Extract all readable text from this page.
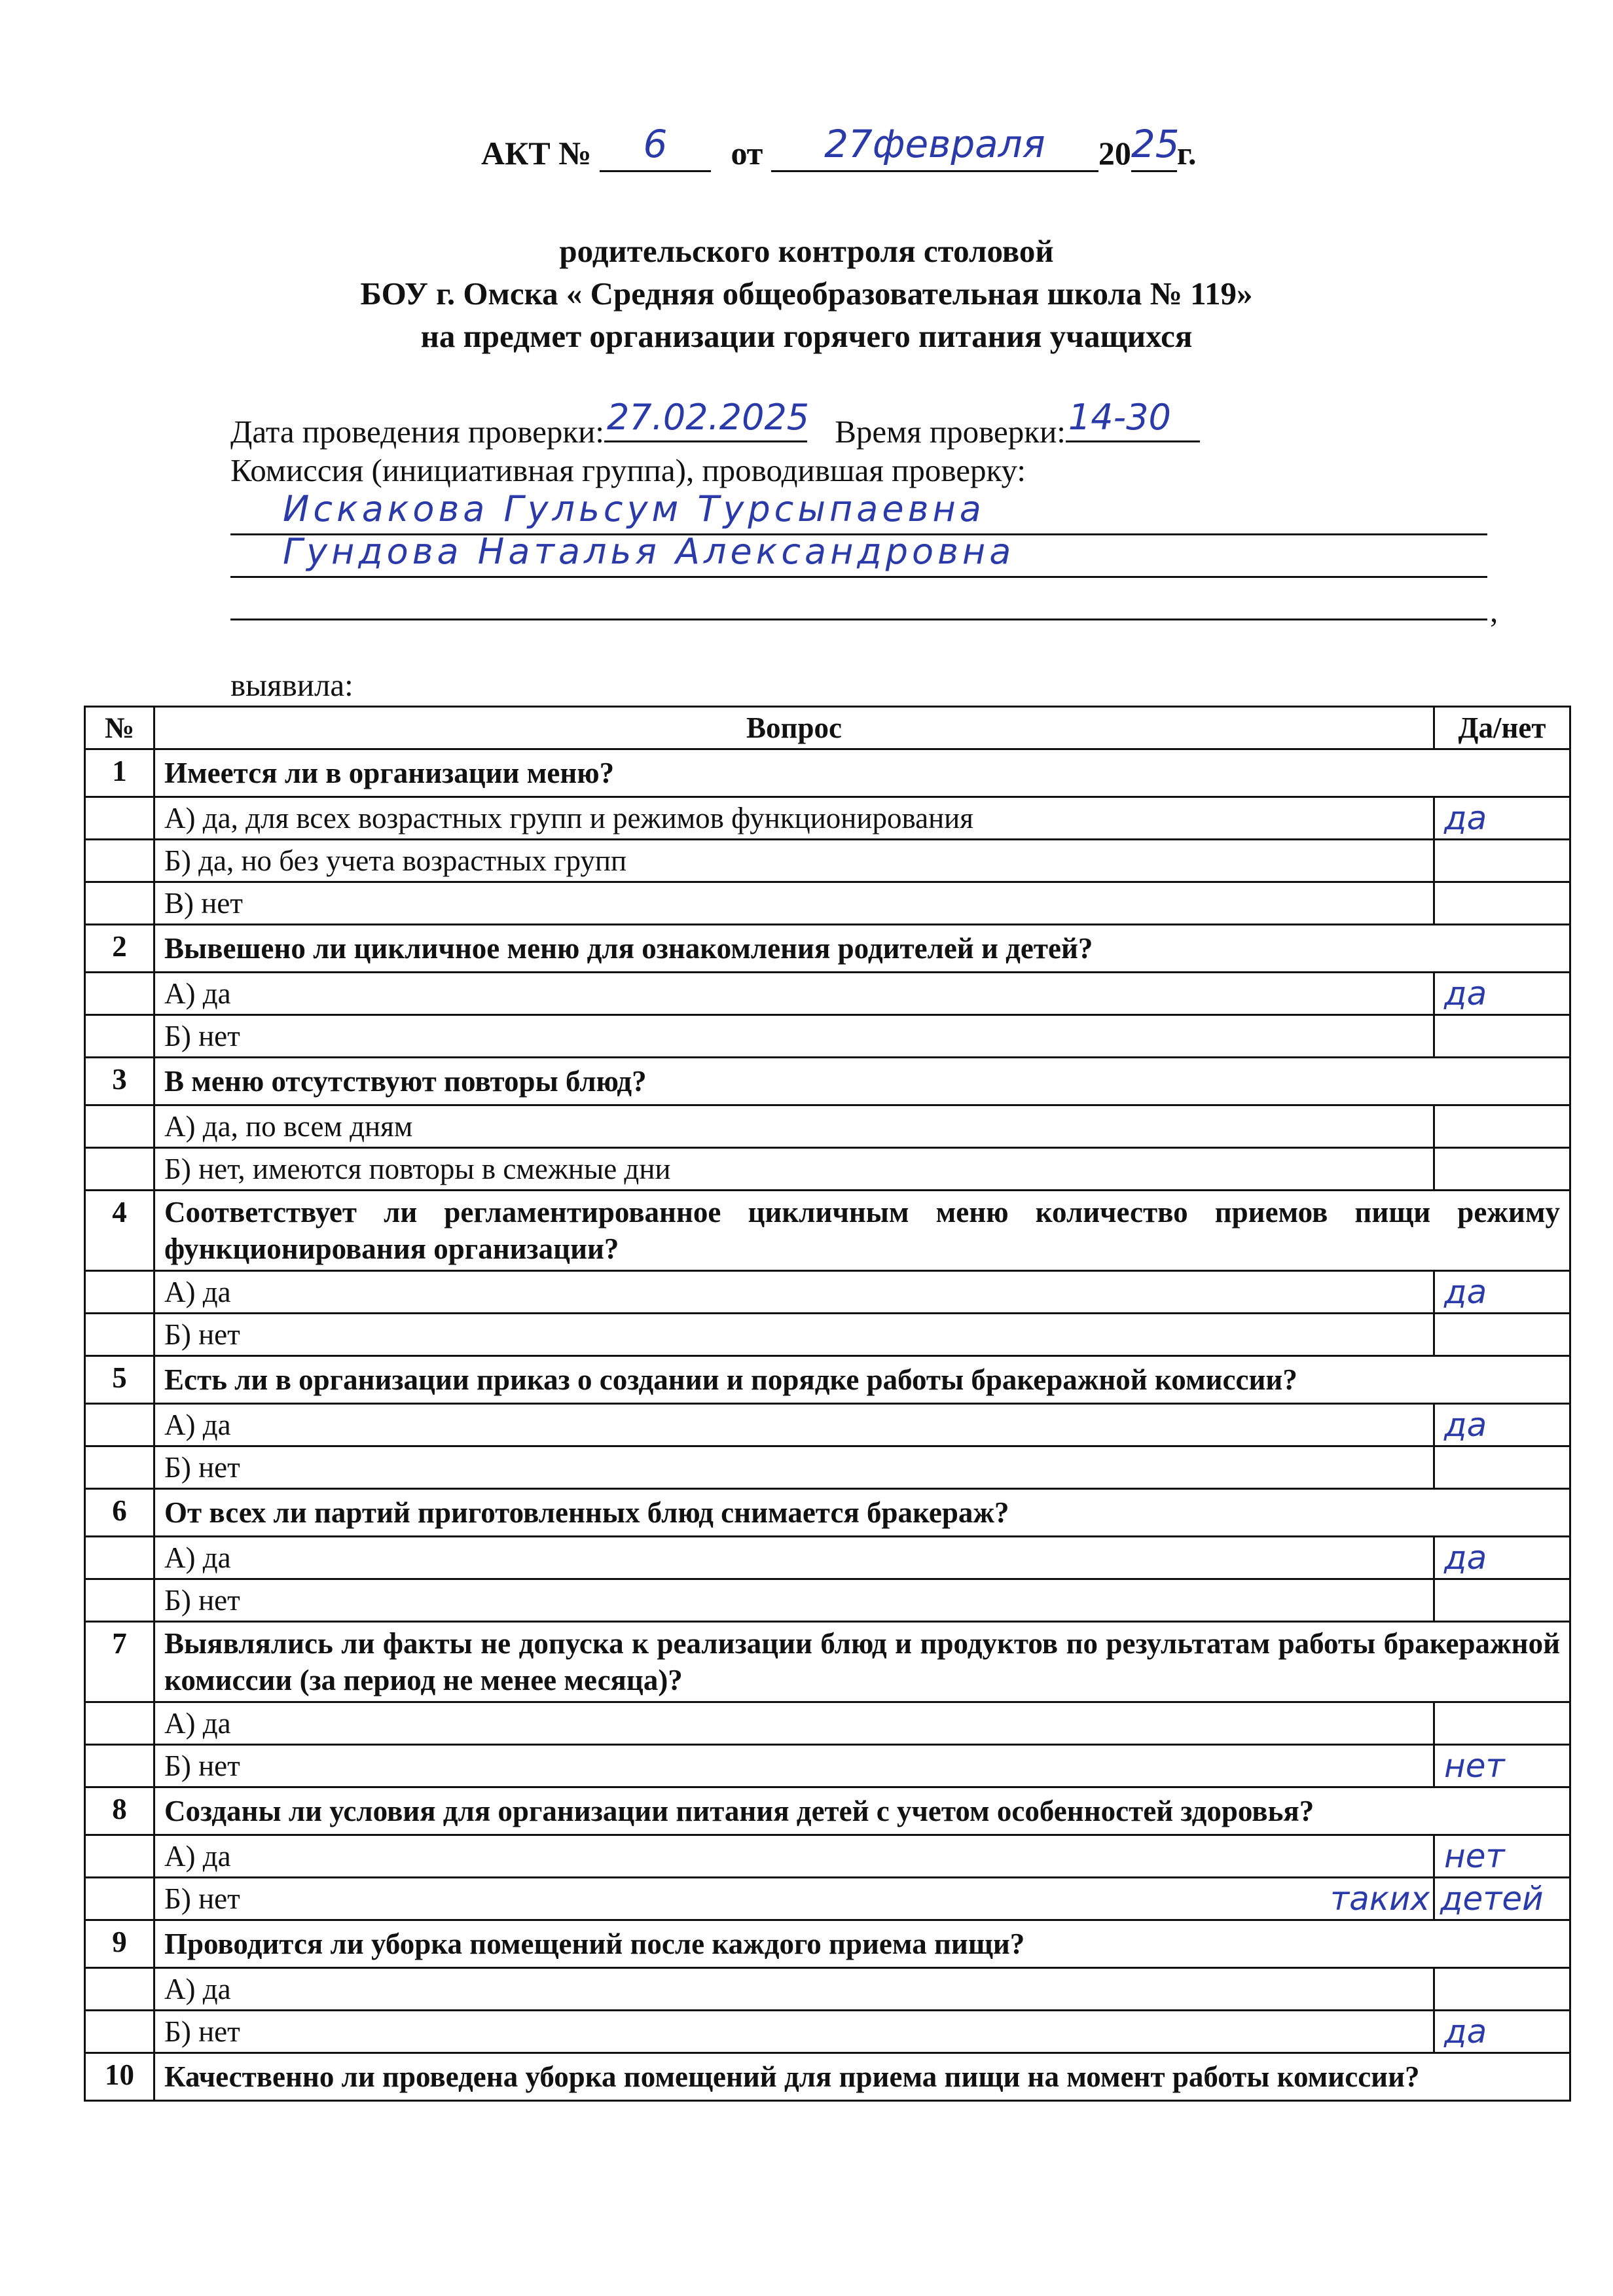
АКТ №	6	от	27февраля	20 25
г.
родительского контроля столовой
БОУ г. Омска « Средняя общеобразовательная школа № 119»
на предмет организации горячего питания учащихся
Дата проведения проверки: 27.02.2025 Время проверки: 14-30
Комиссия (инициативная группа), проводившая проверку:
Искакова Гульсум Турсыпаевна
Гундова Наталья Александровна
,
выявила:
№	Вопрос	Да/нет
1	Имеется ли в организации меню?	
	А) да, для всех возрастных групп и режимов функционирования	да

	Б) да, но без учета возрастных групп	

	В) нет	

2	Вывешено ли цикличное меню для ознакомления родителей и детей?	
	А) да	да

	Б) нет	

3	В меню отсутствуют повторы блюд?	
	А) да, по всем дням	

	Б) нет, имеются повторы в смежные дни	

4	Соответствует ли регламентированное цикличным меню количество приемов пищи режиму функционирования организации?	
	А) да	да

	Б) нет	

5	Есть ли в организации приказ о создании и порядке работы бракеражной комиссии?	
	А) да	да

	Б) нет	

6	От всех ли партий приготовленных блюд снимается бракераж?	
	А) да	да

	Б) нет	

7	Выявлялись ли факты не допуска к реализации блюд и продуктов по результатам работы бракеражной комиссии (за период не менее месяца)?	
	А) да	

	Б) нет	нет

8	Созданы ли условия для организации питания детей с учетом особенностей здоровья?	
	А) да	нет

	Б) нет	таких детей

9	Проводится ли уборка помещений после каждого приема пищи?	
	А) да	

	Б) нет	да

10	Качественно ли проведена уборка помещений для приема пищи на момент работы комиссии?	
